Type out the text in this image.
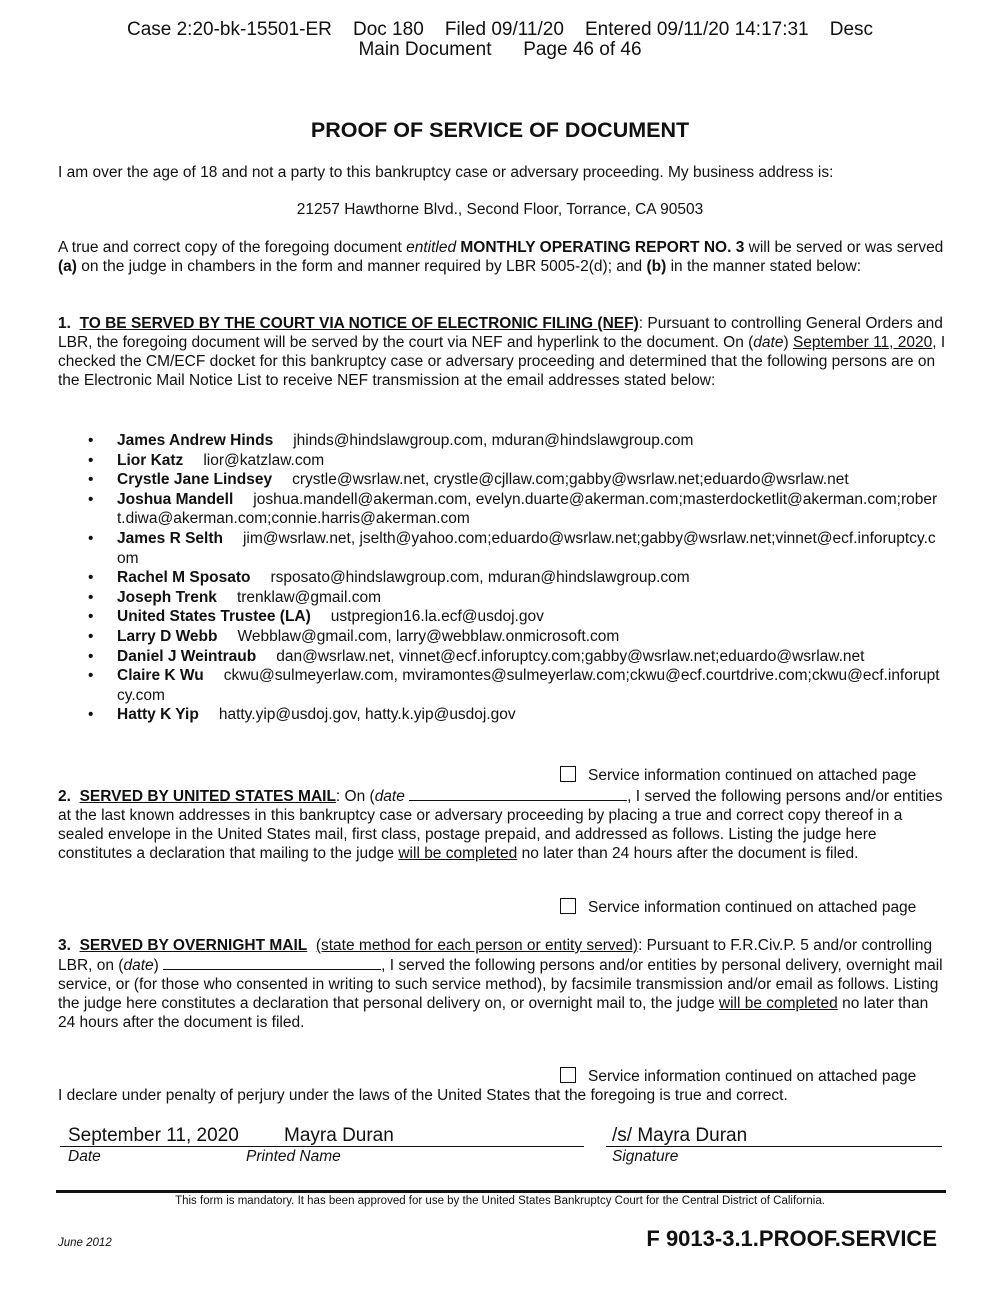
Case 2:20-bk-15501-ER    Doc 180    Filed 09/11/20    Entered 09/11/20 14:17:31    Desc
Main Document      Page 46 of 46
PROOF OF SERVICE OF DOCUMENT

I am over the age of 18 and not a party to this bankruptcy case or adversary proceeding. My business address is:

21257 Hawthorne Blvd., Second Floor, Torrance, CA 90503

A true and correct copy of the foregoing document entitled MONTHLY OPERATING REPORT NO. 3 will be served or was served (a) on the judge in chambers in the form and manner required by LBR 5005-2(d); and (b) in the manner stated below:

1. TO BE SERVED BY THE COURT VIA NOTICE OF ELECTRONIC FILING (NEF): Pursuant to controlling General Orders and LBR, the foregoing document will be served by the court via NEF and hyperlink to the document. On (date) September 11, 2020, I checked the CM/ECF docket for this bankruptcy case or adversary proceeding and determined that the following persons are on the Electronic Mail Notice List to receive NEF transmission at the email addresses stated below:

• James Andrew Hinds jhinds@hindslawgroup.com, mduran@hindslawgroup.com
• Lior Katz lior@katzlaw.com
• Crystle Jane Lindsey crystle@wsrlaw.net, crystle@cjllaw.com;gabby@wsrlaw.net;eduardo@wsrlaw.net
• Joshua Mandell joshua.mandell@akerman.com, evelyn.duarte@akerman.com;masterdocketlit@akerman.com;robert.diwa@akerman.com;connie.harris@akerman.com
• James R Selth jim@wsrlaw.net, jselth@yahoo.com;eduardo@wsrlaw.net;gabby@wsrlaw.net;vinnet@ecf.inforuptcy.com
• Rachel M Sposato rsposato@hindslawgroup.com, mduran@hindslawgroup.com
• Joseph Trenk trenklaw@gmail.com
• United States Trustee (LA) ustpregion16.la.ecf@usdoj.gov
• Larry D Webb Webblaw@gmail.com, larry@webblaw.onmicrosoft.com
• Daniel J Weintraub dan@wsrlaw.net, vinnet@ecf.inforuptcy.com;gabby@wsrlaw.net;eduardo@wsrlaw.net
• Claire K Wu ckwu@sulmeyerlaw.com, mviramontes@sulmeyerlaw.com;ckwu@ecf.courtdrive.com;ckwu@ecf.inforuptcy.com
• Hatty K Yip hatty.yip@usdoj.gov, hatty.k.yip@usdoj.gov
Service information continued on attached page

2. SERVED BY UNITED STATES MAIL: On (date	, I served the following persons and/or entities at the last known addresses in this bankruptcy case or adversary proceeding by placing a true and correct copy thereof in a sealed envelope in the United States mail, first class, postage prepaid, and addressed as follows. Listing the judge here constitutes a declaration that mailing to the judge will be completed no later than 24 hours after the document is filed.

Service information continued on attached page

3. SERVED BY OVERNIGHT MAIL (state method for each person or entity served): Pursuant to F.R.Civ.P. 5 and/or controlling LBR, on (date)	, I served the following persons and/or entities by personal delivery, overnight mail service, or (for those who consented in writing to such service method), by facsimile transmission and/or email as follows. Listing the judge here constitutes a declaration that personal delivery on, or overnight mail to, the judge will be completed no later than 24 hours after the document is filed.

Service information continued on attached page

I declare under penalty of perjury under the laws of the United States that the foregoing is true and correct.

September 11, 2020 Mayra Duran	/s/ Mayra Duran
Date	Printed Name	Signature
This form is mandatory. It has been approved for use by the United States Bankruptcy Court for the Central District of California.
June 2012	F 9013-3.1.PROOF.SERVICE
